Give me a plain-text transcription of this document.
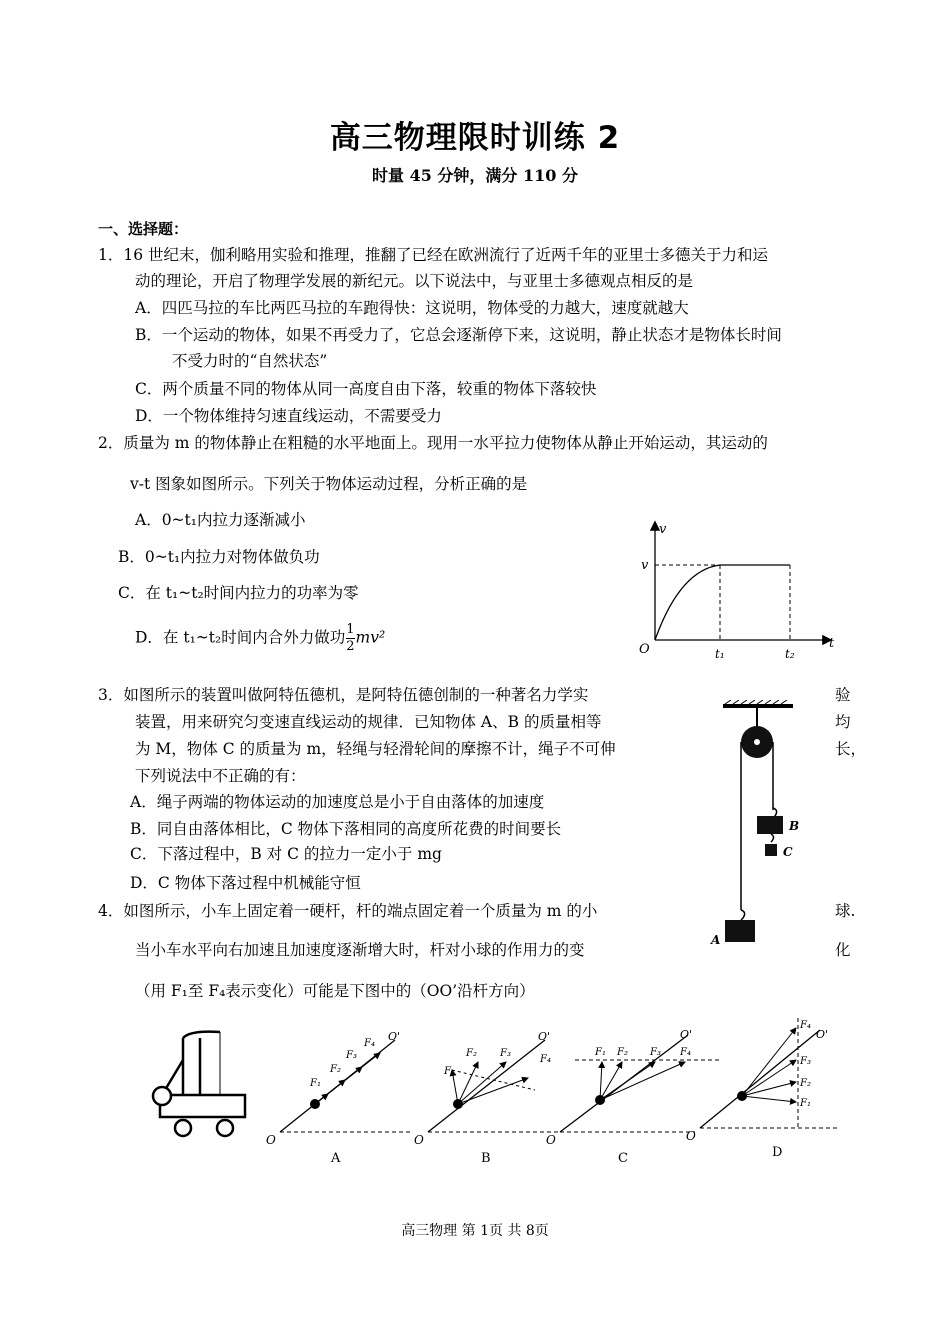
高三物理限时训练 2
时量 45 分钟，满分 110 分
一、选择题：
1．16 世纪末，伽利略用实验和推理，推翻了已经在欧洲流行了近两千年的亚里士多德关于力和运
动的理论，开启了物理学发展的新纪元。以下说法中，与亚里士多德观点相反的是
A．四匹马拉的车比两匹马拉的车跑得快：这说明，物体受的力越大，速度就越大
B．一个运动的物体，如果不再受力了，它总会逐渐停下来，这说明，静止状态才是物体长时间
不受力时的“自然状态”
C．两个质量不同的物体从同一高度自由下落，较重的物体下落较快
D．一个物体维持匀速直线运动，不需要受力
2．质量为 m 的物体静止在粗糙的水平地面上。现用一水平拉力使物体从静止开始运动，其运动的
v-t 图象如图所示。下列关于物体运动过程，分析正确的是
A．0~t₁内拉力逐渐减小
B．0~t₁内拉力对物体做负功
C．在 t₁~t₂时间内拉力的功率为零
D．在 t₁~t₂时间内合外力做功 $\frac{1}{2} mv^2$
v
t
O
v
t₁	t₂
3．如图所示的装置叫做阿特伍德机，是阿特伍德创制的一种著名力学实	验
装置，用来研究匀变速直线运动的规律．已知物体 A、B 的质量相等	均
为 M，物体 C 的质量为 m，轻绳与轻滑轮间的摩擦不计，绳子不可伸	长，
下列说法中不正确的有：
A．绳子两端的物体运动的加速度总是小于自由落体的加速度
B．同自由落体相比，C 物体下落相同的高度所花费的时间要长
C．下落过程中，B 对 C 的拉力一定小于 mg
D．C 物体下落过程中机械能守恒
B
C
A
4．如图所示，小车上固定着一硬杆，杆的端点固定着一个质量为 m 的小	球.
当小车水平向右加速且加速度逐渐增大时，杆对小球的作用力的变	化
（用 F₁至 F₄表示变化）可能是下图中的（OO’沿杆方向）
O
O'
F₁
F₂
F₃
F₄
A
O
O'
F₁
F₂ F₃
F₄
B
O
O'
F₁ F₂ F₃ F₄
C
O
O'
F₁
F₂
F₃
F₄
D
高三物理 第 1页 共 8页
